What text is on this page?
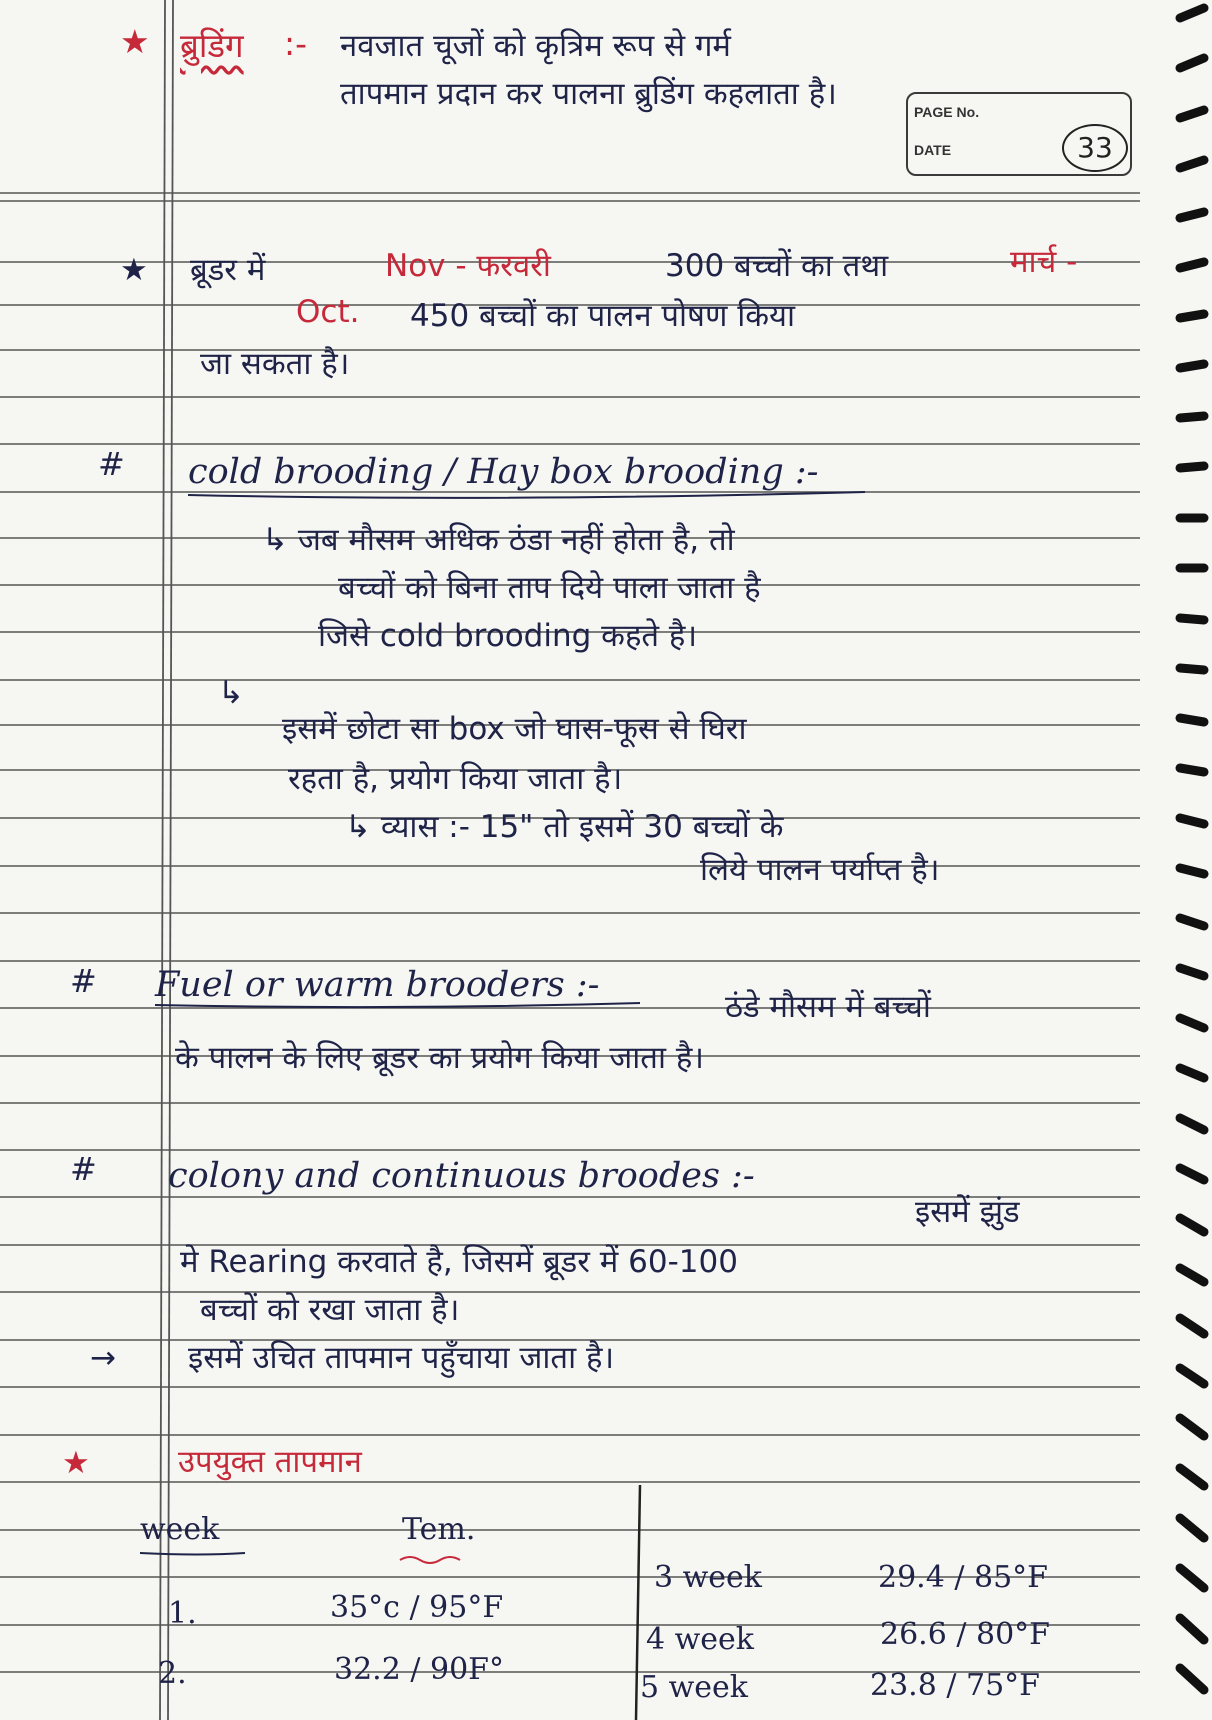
★ ब्रुडिंग :- नवजात चूजों को कृत्रिम रूप से गर्म
तापमान प्रदान कर पालना ब्रुडिंग कहलाता है।	PAGE No.
DATE	33
★ ब्रूडर में	Nov - फरवरी	300 बच्चों का तथा	मार्च -
Oct. 450 बच्चों का पालन पोषण किया
जा सकता है।
# cold brooding / Hay box brooding :-
↳ जब मौसम अधिक ठंडा नहीं होता है, तो
बच्चों को बिना ताप दिये पाला जाता है
जिसे cold brooding कहते है।
↳
इसमें छोटा सा box जो घास-फूस से घिरा
रहता है, प्रयोग किया जाता है।
↳ व्यास :- 15" तो इसमें 30 बच्चों के
लिये पालन पर्याप्त है।
# Fuel or warm brooders :-
ठंडे मौसम में बच्चों
के पालन के लिए ब्रूडर का प्रयोग किया जाता है।
# colony and continuous broodes :-
इसमें झुंड
मे Rearing करवाते है, जिसमें ब्रूडर में 60-100
बच्चों को रखा जाता है।
→ इसमें उचित तापमान पहुँचाया जाता है।
★	उपयुक्त तापमान
week	Tem.
1.	35°c / 95°F
2.	32.2 / 90F°
3 week	29.4 / 85°F
4 week	26.6 / 80°F
5 week	23.8 / 75°F
